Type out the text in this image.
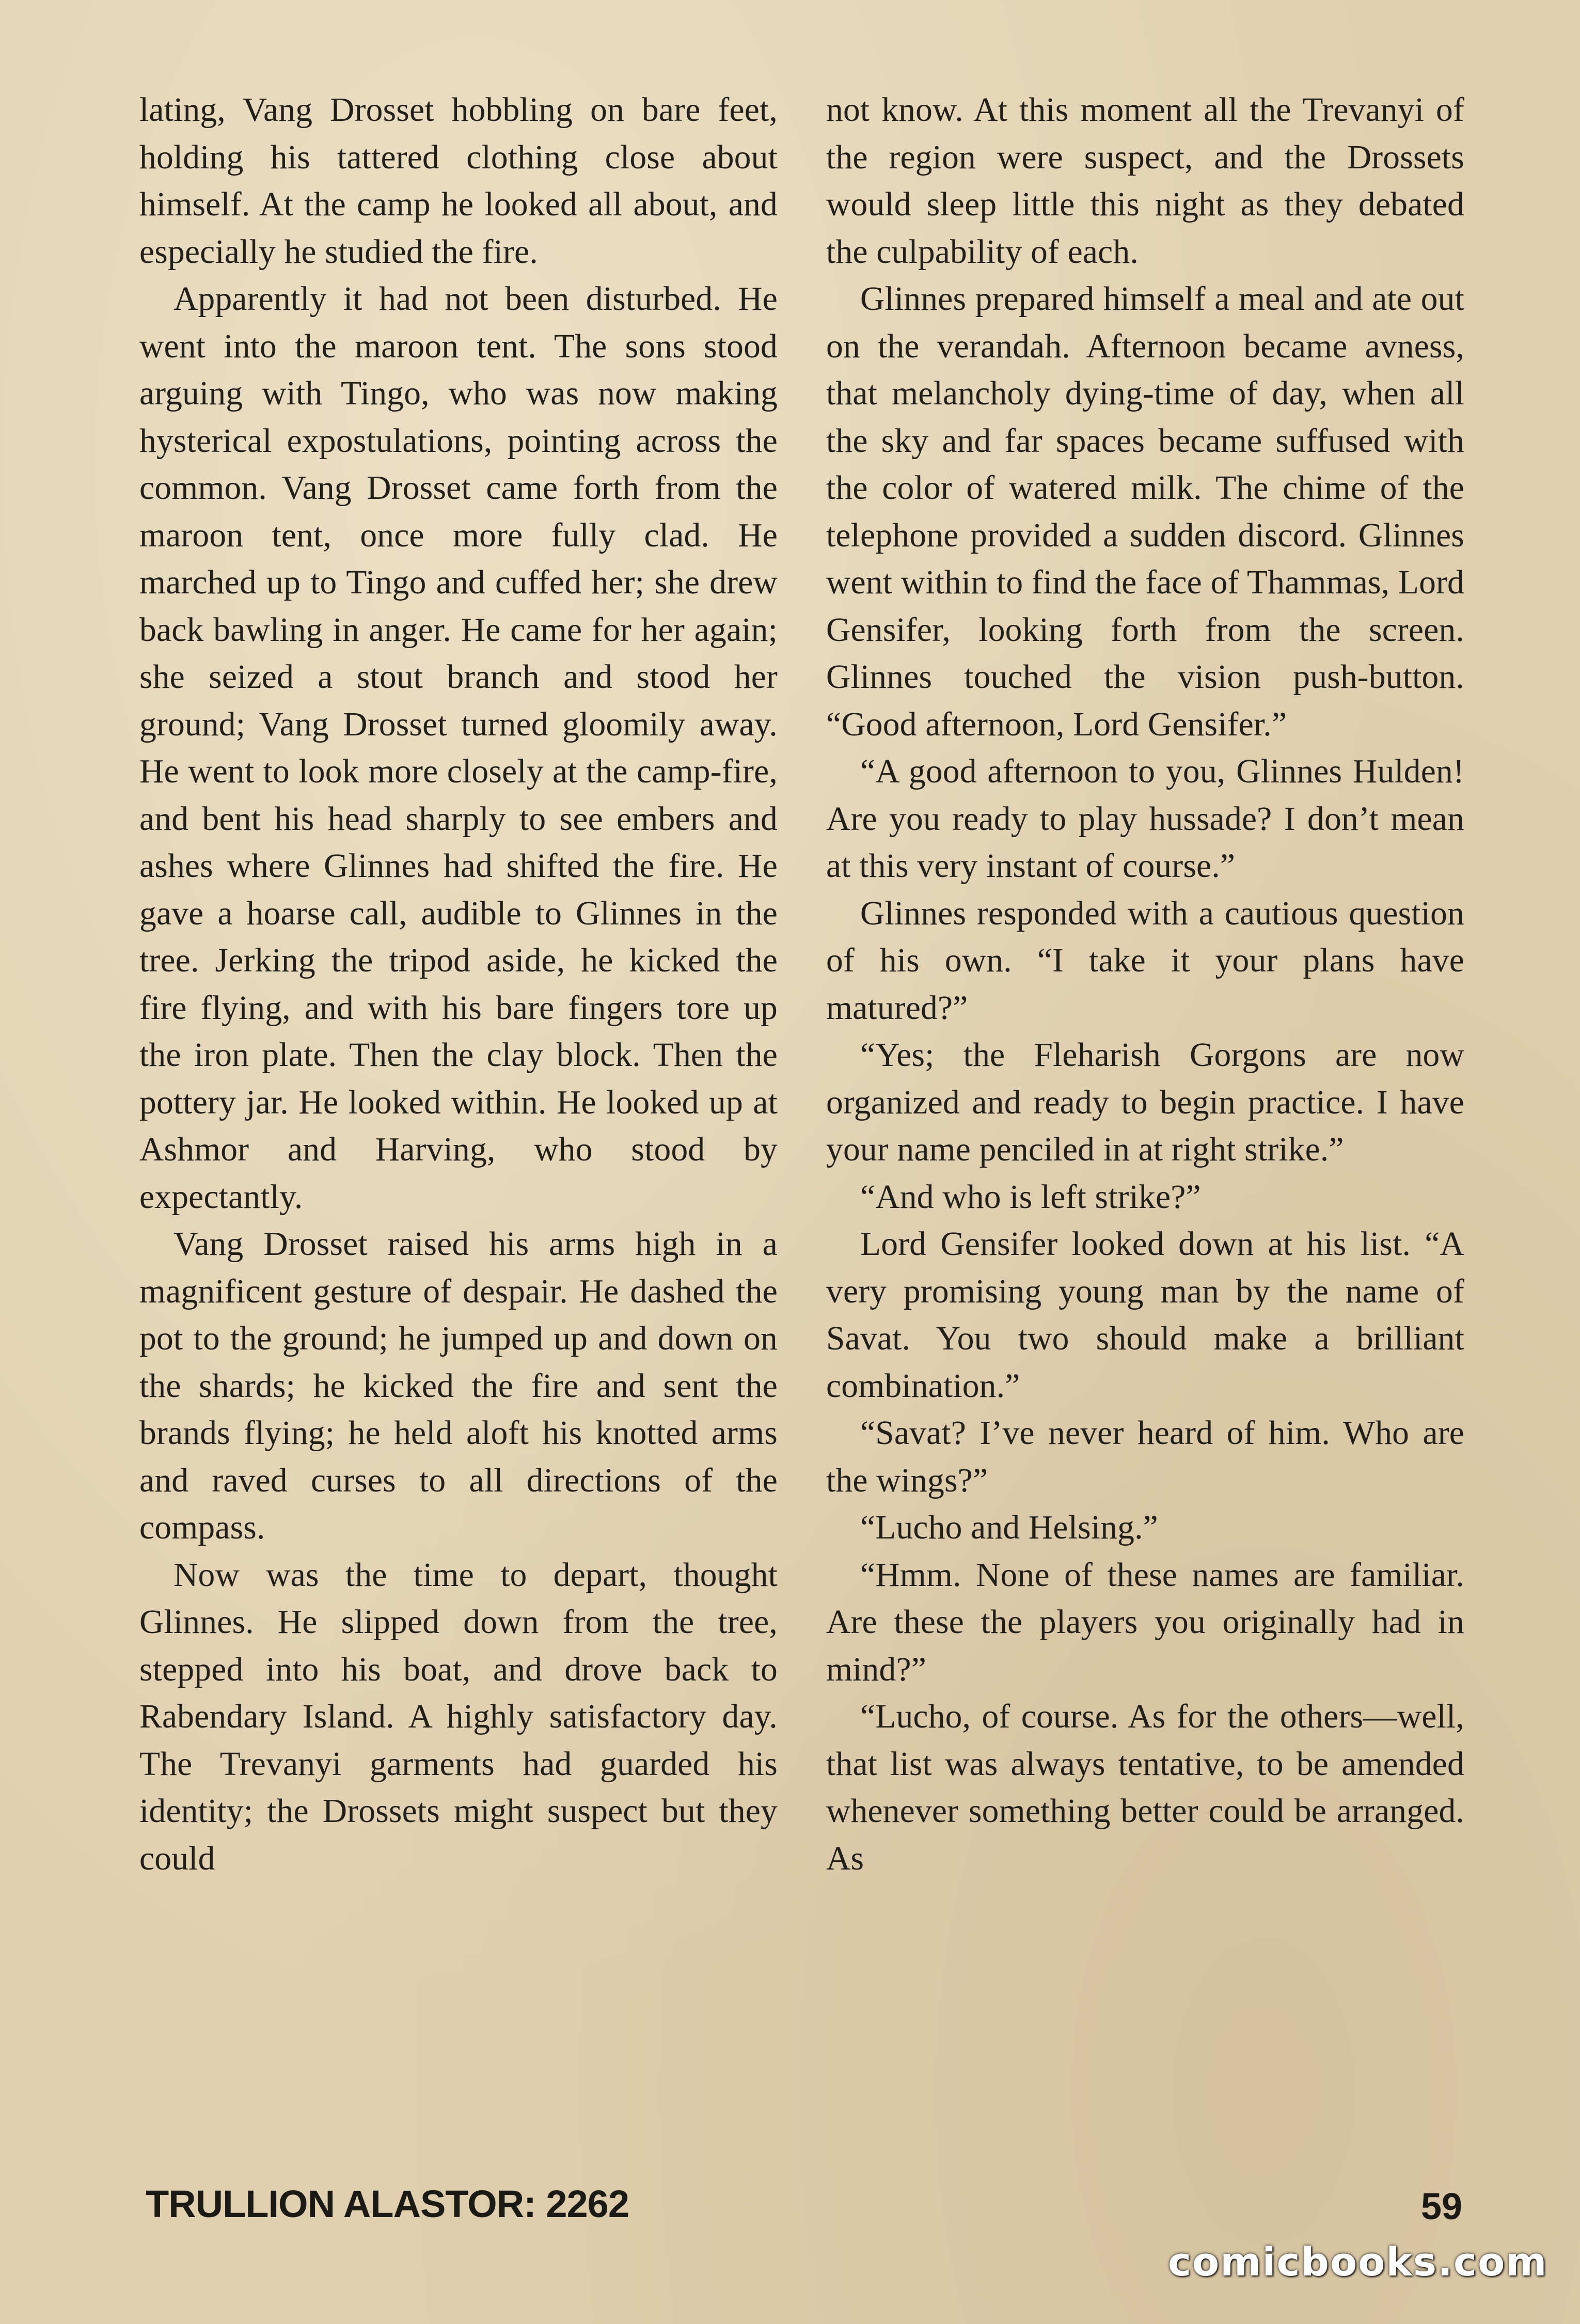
lating, Vang Drosset hobbling on bare feet, holding his tattered clothing close about himself. At the camp he looked all about, and especially he studied the fire.

Apparently it had not been disturbed. He went into the maroon tent. The sons stood arguing with Tingo, who was now making hysterical expostulations, pointing across the common. Vang Drosset came forth from the maroon tent, once more fully clad. He marched up to Tingo and cuffed her; she drew back bawling in anger. He came for her again; she seized a stout branch and stood her ground; Vang Drosset turned gloomily away. He went to look more closely at the camp-fire, and bent his head sharply to see embers and ashes where Glinnes had shifted the fire. He gave a hoarse call, audible to Glinnes in the tree. Jerking the tripod aside, he kicked the fire flying, and with his bare fingers tore up the iron plate. Then the clay block. Then the pottery jar. He looked within. He looked up at Ashmor and Harving, who stood by expectantly.

Vang Drosset raised his arms high in a magnificent gesture of despair. He dashed the pot to the ground; he jumped up and down on the shards; he kicked the fire and sent the brands flying; he held aloft his knotted arms and raved curses to all directions of the compass.

Now was the time to depart, thought Glinnes. He slipped down from the tree, stepped into his boat, and drove back to Rabendary Island. A highly satisfactory day. The Trevanyi garments had guarded his identity; the Drossets might suspect but they could

not know. At this moment all the Trevanyi of the region were suspect, and the Drossets would sleep little this night as they debated the culpability of each.

Glinnes prepared himself a meal and ate out on the verandah. Afternoon became avness, that melancholy dying-time of day, when all the sky and far spaces became suffused with the color of watered milk. The chime of the telephone provided a sudden discord. Glinnes went within to find the face of Thammas, Lord Gensifer, looking forth from the screen. Glinnes touched the vision push-button. “Good afternoon, Lord Gensifer.”

“A good afternoon to you, Glinnes Hulden! Are you ready to play hussade? I don’t mean at this very instant of course.”

Glinnes responded with a cautious question of his own. “I take it your plans have matured?”

“Yes; the Fleharish Gorgons are now organized and ready to begin practice. I have your name penciled in at right strike.”

“And who is left strike?”

Lord Gensifer looked down at his list. “A very promising young man by the name of Savat. You two should make a brilliant combination.”

“Savat? I’ve never heard of him. Who are the wings?”

“Lucho and Helsing.”

“Hmm. None of these names are familiar. Are these the players you originally had in mind?”

“Lucho, of course. As for the others—well, that list was always tentative, to be amended whenever something better could be arranged. As

TRULLION ALASTOR: 2262	59
comicbooks.com
